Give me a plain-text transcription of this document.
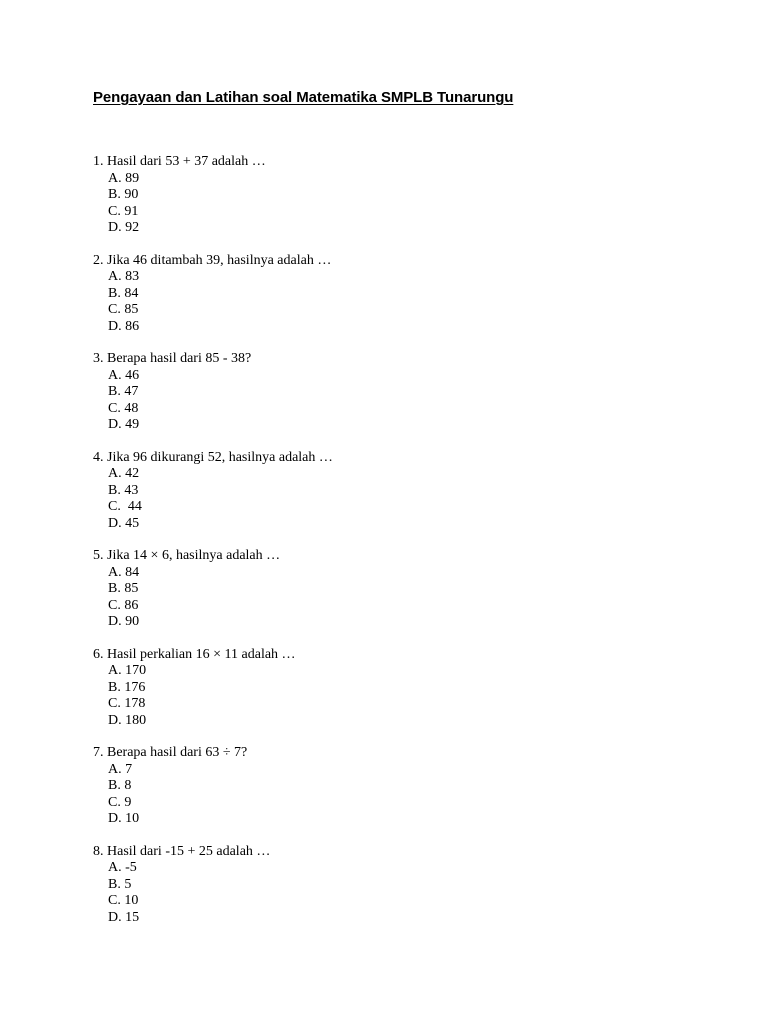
Pengayaan dan Latihan soal Matematika SMPLB Tunarungu
1. Hasil dari 53 + 37 adalah …
A. 89
B. 90
C. 91
D. 92
2. Jika 46 ditambah 39, hasilnya adalah …
A. 83
B. 84
C. 85
D. 86
3. Berapa hasil dari 85 - 38?
A. 46
B. 47
C. 48
D. 49
4. Jika 96 dikurangi 52, hasilnya adalah …
A. 42
B. 43
C.  44
D. 45
5. Jika 14 × 6, hasilnya adalah …
A. 84
B. 85
C. 86
D. 90
6. Hasil perkalian 16 × 11 adalah …
A. 170
B. 176
C. 178
D. 180
7. Berapa hasil dari 63 ÷ 7?
A. 7
B. 8
C. 9
D. 10
8. Hasil dari -15 + 25 adalah …
A. -5
B. 5
C. 10
D. 15
